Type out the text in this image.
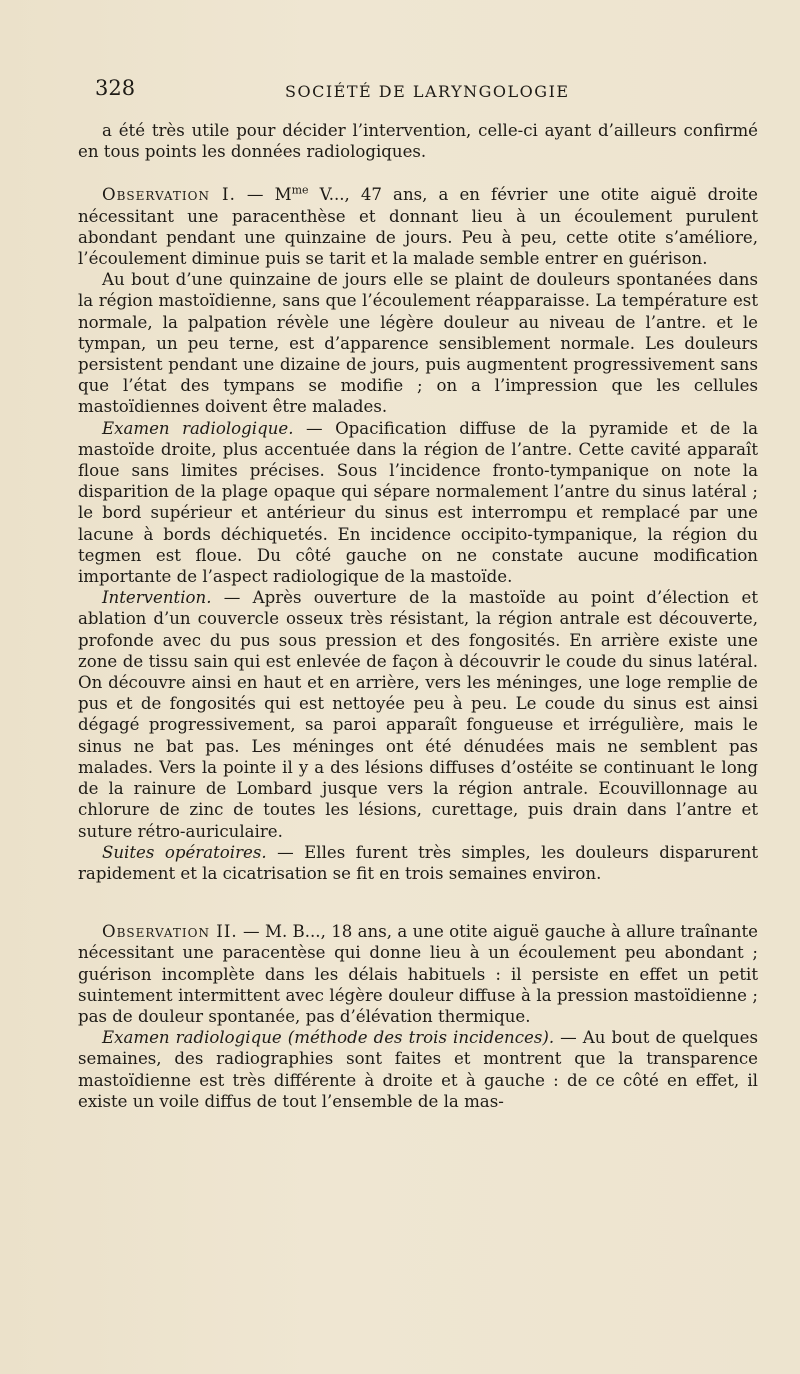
328	SOCIÉTÉ DE LARYNGOLOGIE

a été très utile pour décider l’intervention, celle-ci ayant d’ailleurs confirmé en tous points les données radiologiques.

Observation I. — $M^{me}$ V..., 47 ans, a en février une otite aiguë droite nécessitant une paracenthèse et donnant lieu à un écoulement purulent abondant pendant une quinzaine de jours. Peu à peu, cette otite s’améliore, l’écoulement diminue puis se tarit et la malade semble entrer en guérison.

Au bout d’une quinzaine de jours elle se plaint de douleurs spontanées dans la région mastoïdienne, sans que l’écoulement réapparaisse. La température est normale, la palpation révèle une légère douleur au niveau de l’antre. et le tympan, un peu terne, est d’apparence sensiblement normale. Les douleurs persistent pendant une dizaine de jours, puis augmentent progressivement sans que l’état des tympans se modifie ; on a l’impression que les cellules mastoïdiennes doivent être malades.

Examen radiologique. — Opacification diffuse de la pyramide et de la mastoïde droite, plus accentuée dans la région de l’antre. Cette cavité apparaît floue sans limites précises. Sous l’incidence fronto-tympanique on note la disparition de la plage opaque qui sépare normalement l’antre du sinus latéral ; le bord supérieur et antérieur du sinus est interrompu et remplacé par une lacune à bords déchiquetés. En incidence occipito-tympanique, la région du tegmen est floue. Du côté gauche on ne constate aucune modification importante de l’aspect radiologique de la mastoïde.

Intervention. — Après ouverture de la mastoïde au point d’élection et ablation d’un couvercle osseux très résistant, la région antrale est découverte, profonde avec du pus sous pression et des fongosités. En arrière existe une zone de tissu sain qui est enlevée de façon à découvrir le coude du sinus latéral. On découvre ainsi en haut et en arrière, vers les méninges, une loge remplie de pus et de fongosités qui est nettoyée peu à peu. Le coude du sinus est ainsi dégagé progressivement, sa paroi apparaît fongueuse et irrégulière, mais le sinus ne bat pas. Les méninges ont été dénudées mais ne semblent pas malades. Vers la pointe il y a des lésions diffuses d’ostéite se continuant le long de la rainure de Lombard jusque vers la région antrale. Ecouvillonnage au chlorure de zinc de toutes les lésions, curettage, puis drain dans l’antre et suture rétro-auriculaire.

Suites opératoires. — Elles furent très simples, les douleurs disparurent rapidement et la cicatrisation se fit en trois semaines environ.

Observation II. — M. B..., 18 ans, a une otite aiguë gauche à allure traînante nécessitant une paracentèse qui donne lieu à un écoulement peu abondant ; guérison incomplète dans les délais habituels : il persiste en effet un petit suintement intermittent avec légère douleur diffuse à la pression mastoïdienne ; pas de douleur spontanée, pas d’élévation thermique.

Examen radiologique (méthode des trois incidences). — Au bout de quelques semaines, des radiographies sont faites et montrent que la transparence mastoïdienne est très différente à droite et à gauche : de ce côté en effet, il existe un voile diffus de tout l’ensemble de la mas-
